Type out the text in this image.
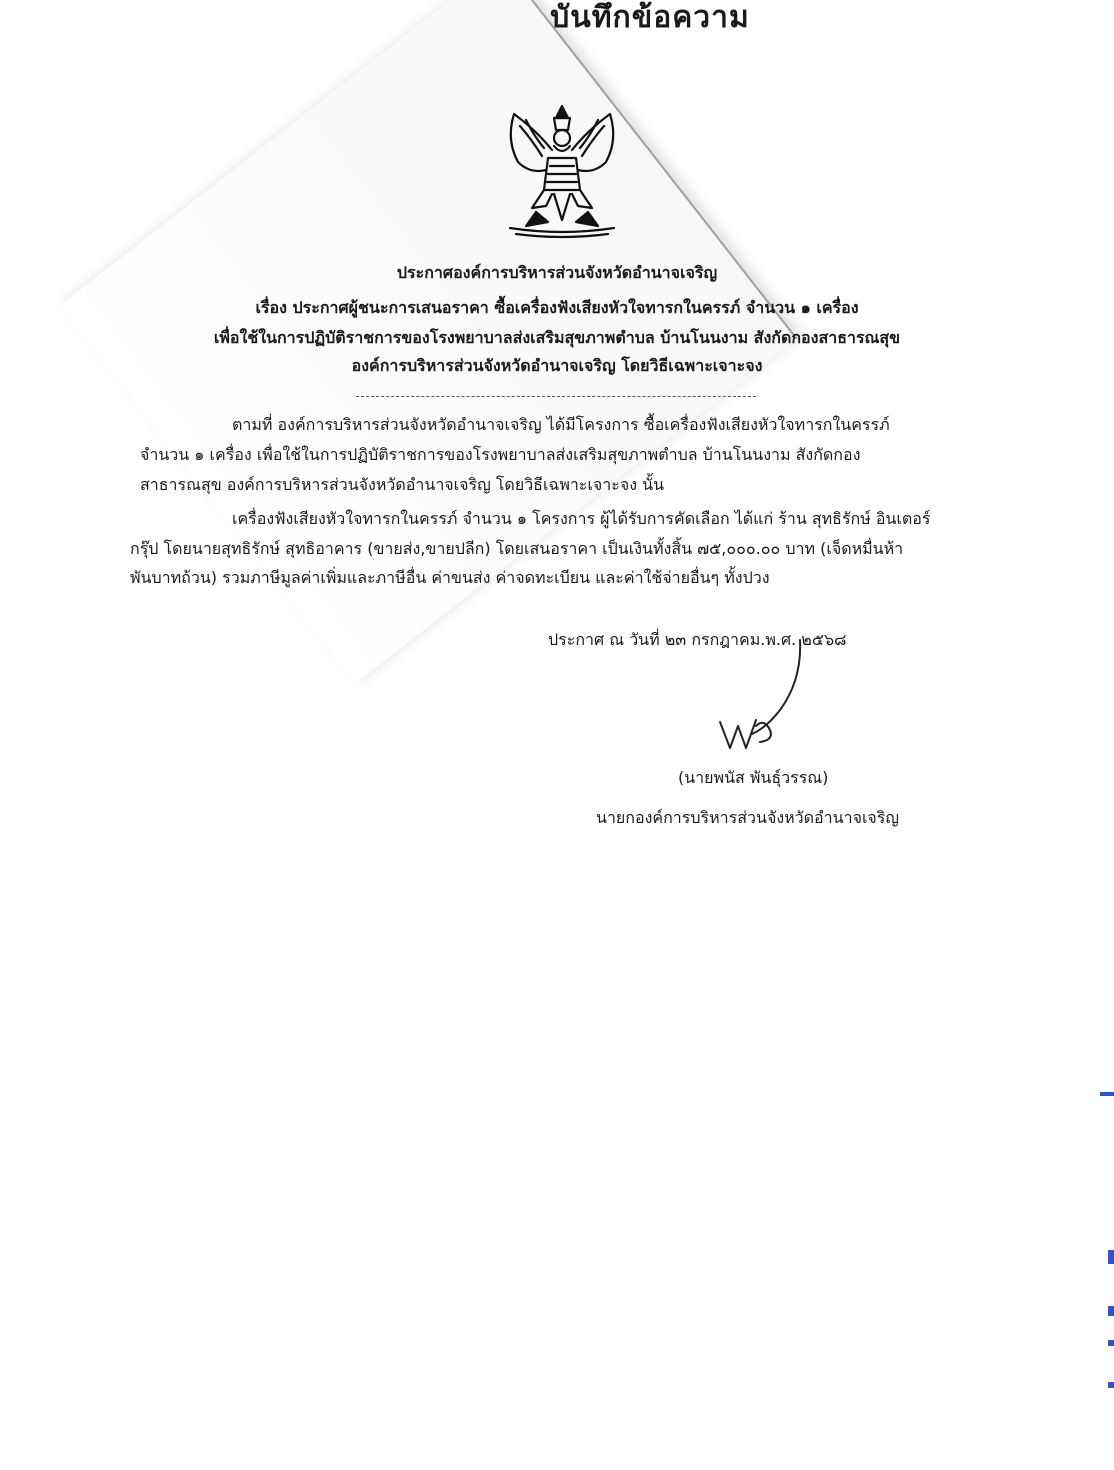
บันทึกข้อความ
ประกาศองค์การบริหารส่วนจังหวัดอำนาจเจริญ
เรื่อง ประกาศผู้ชนะการเสนอราคา ซื้อเครื่องฟังเสียงหัวใจทารกในครรภ์ จำนวน ๑ เครื่อง
เพื่อใช้ในการปฏิบัติราชการของโรงพยาบาลส่งเสริมสุขภาพตำบล บ้านโนนงาม สังกัดกองสาธารณสุข
องค์การบริหารส่วนจังหวัดอำนาจเจริญ โดยวิธีเฉพาะเจาะจง
ตามที่ องค์การบริหารส่วนจังหวัดอำนาจเจริญ ได้มีโครงการ ซื้อเครื่องฟังเสียงหัวใจทารกในครรภ์
จำนวน ๑ เครื่อง เพื่อใช้ในการปฏิบัติราชการของโรงพยาบาลส่งเสริมสุขภาพตำบล บ้านโนนงาม สังกัดกอง
สาธารณสุข องค์การบริหารส่วนจังหวัดอำนาจเจริญ โดยวิธีเฉพาะเจาะจง นั้น
เครื่องฟังเสียงหัวใจทารกในครรภ์ จำนวน ๑ โครงการ ผู้ได้รับการคัดเลือก ได้แก่ ร้าน สุทธิรักษ์ อินเตอร์
กรุ๊ป โดยนายสุทธิรักษ์ สุทธิอาคาร (ขายส่ง,ขายปลีก) โดยเสนอราคา เป็นเงินทั้งสิ้น ๗๕,๐๐๐.๐๐ บาท (เจ็ดหมื่นห้า
พันบาทถ้วน) รวมภาษีมูลค่าเพิ่มและภาษีอื่น ค่าขนส่ง ค่าจดทะเบียน และค่าใช้จ่ายอื่นๆ ทั้งปวง
ประกาศ ณ วันที่ ๒๓ กรกฎาคม.พ.ศ. ๒๕๖๘
(นายพนัส พันธุ์วรรณ)
นายกองค์การบริหารส่วนจังหวัดอำนาจเจริญ
